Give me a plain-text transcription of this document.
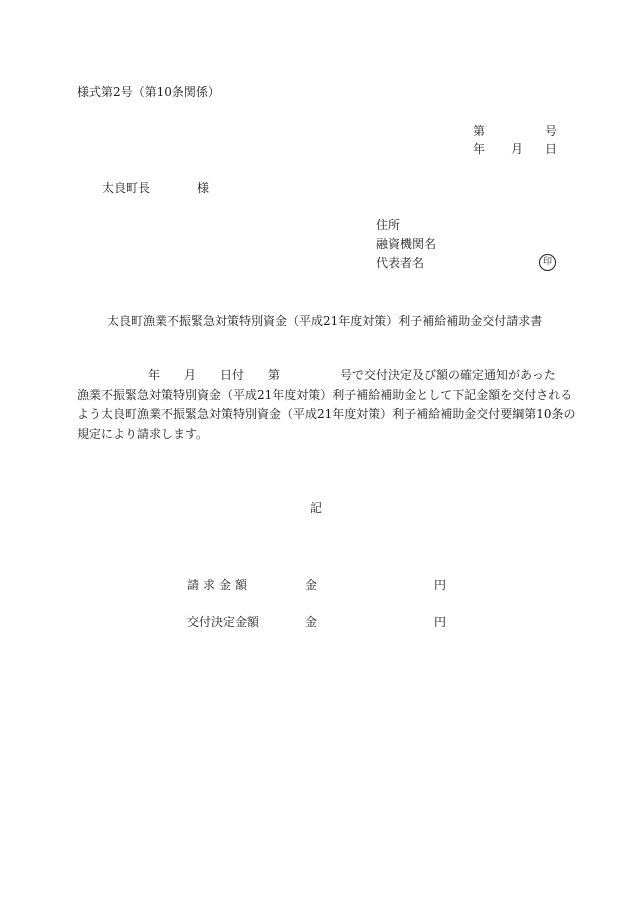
様式第2号（第10条関係）
第	号
年 月 日
太良町長	様
住所
融資機関名
代表者名	印
太良町漁業不振緊急対策特別資金（平成21年度対策）利子補給補助金交付請求書
年 月 日付 第	号で交付決定及び額の確定通知があった
漁業不振緊急対策特別資金（平成21年度対策）利子補給補助金として下記金額を交付される
よう太良町漁業不振緊急対策特別資金（平成21年度対策）利子補給補助金交付要綱第10条の
規定により請求します。
記
請求金額	金	円
交付決定金額	金	円
